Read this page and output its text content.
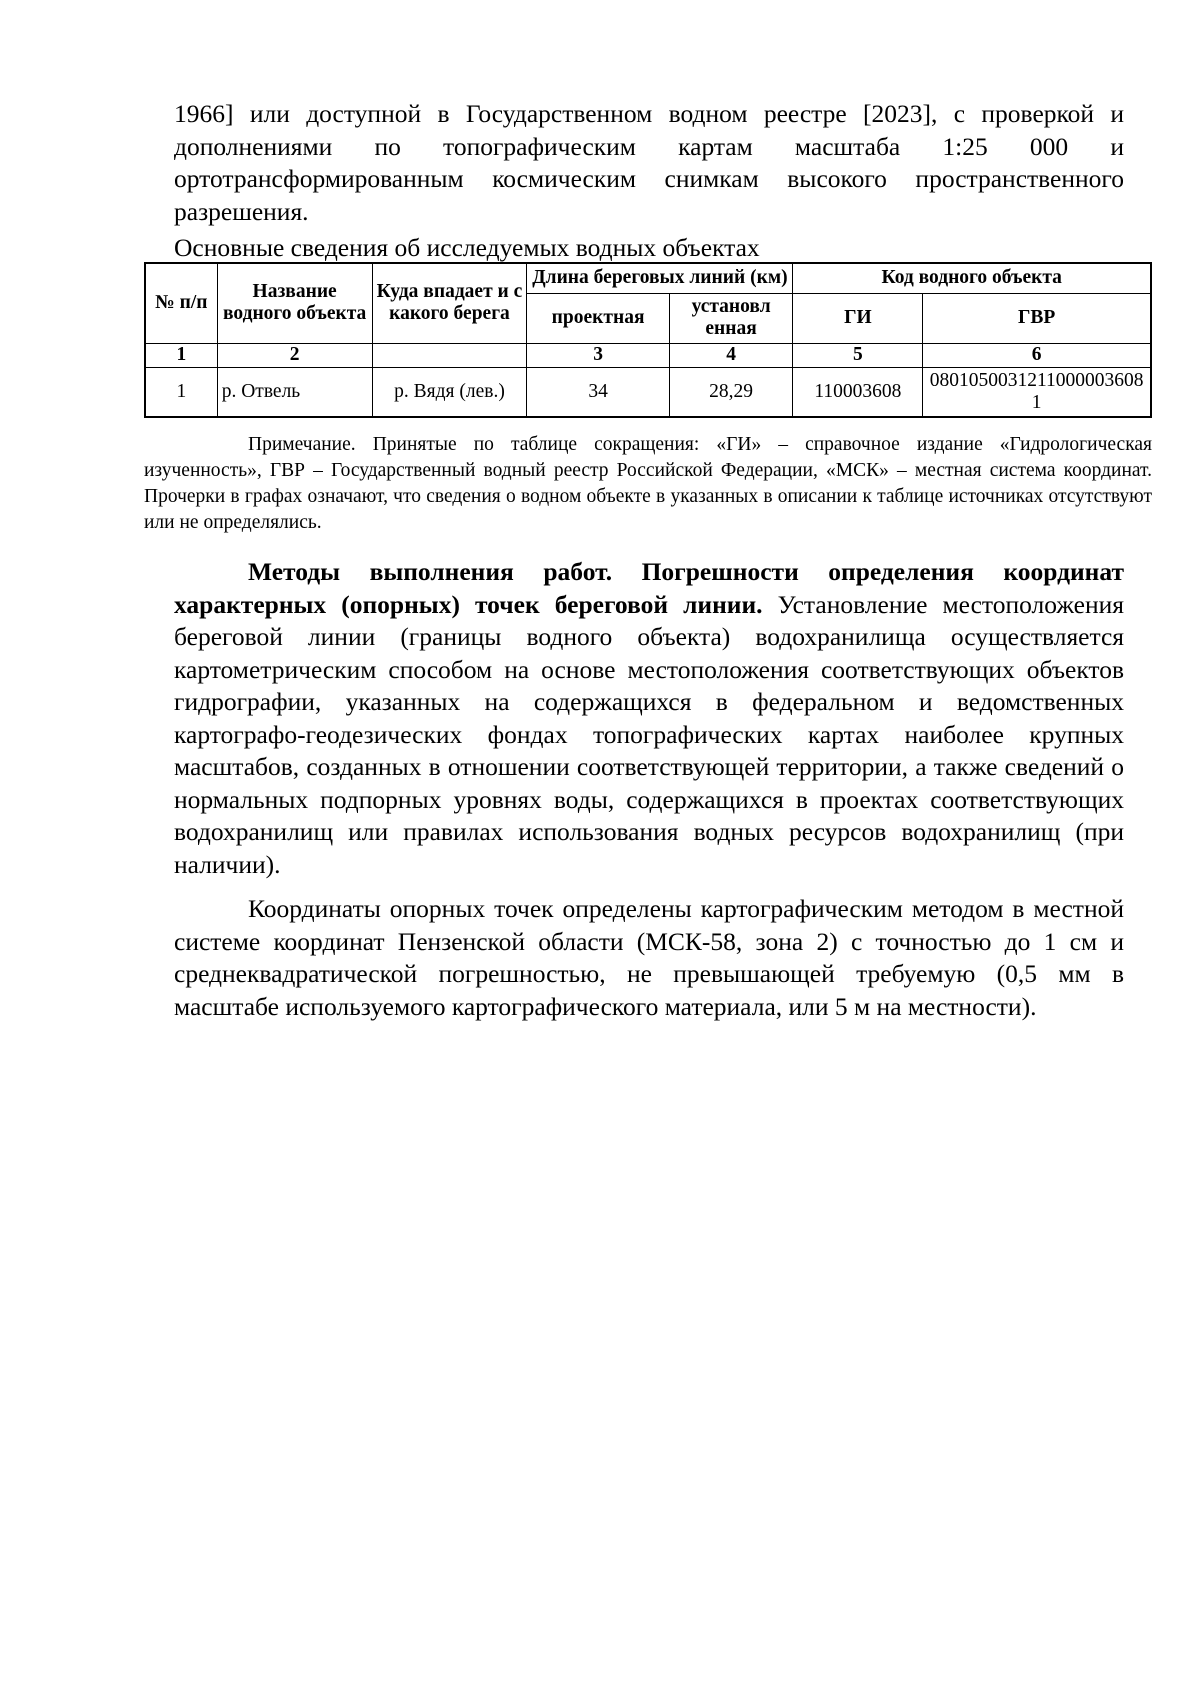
1966] или доступной в Государственном водном реестре [2023], с проверкой и дополнениями по топографическим картам масштаба 1:25 000 и ортотрансформированным космическим снимкам высокого пространственного разрешения.

Основные сведения об исследуемых водных объектах

№ п/п	Название водного объекта	Куда впадает и с какого берега	Длина береговых линий (км)		Код водного объекта	
			проектная	установл енная	ГИ	ГВР
1	2		3	4	5	6
1	р. Отвель	р. Вядя (лев.)	34	28,29	110003608	08010500312110000036081

Примечание. Принятые по таблице сокращения: «ГИ» – справочное издание «Гидрологическая изученность», ГВР – Государственный водный реестр Российской Федерации, «МСК» – местная система координат. Прочерки в графах означают, что сведения о водном объекте в указанных в описании к таблице источниках отсутствуют или не определялись.

Методы выполнения работ. Погрешности определения координат характерных (опорных) точек береговой линии. Установление местоположения береговой линии (границы водного объекта) водохранилища осуществляется картометрическим способом на основе местоположения соответствующих объектов гидрографии, указанных на содержащихся в федеральном и ведомственных картографо-геодезических фондах топографических картах наиболее крупных масштабов, созданных в отношении соответствующей территории, а также сведений о нормальных подпорных уровнях воды, содержащихся в проектах соответствующих водохранилищ или правилах использования водных ресурсов водохранилищ (при наличии).

Координаты опорных точек определены картографическим методом в местной системе координат Пензенской области (МСК-58, зона 2) с точностью до 1 см и среднеквадратической погрешностью, не превышающей требуемую (0,5 мм в масштабе используемого картографического материала, или 5 м на местности).
